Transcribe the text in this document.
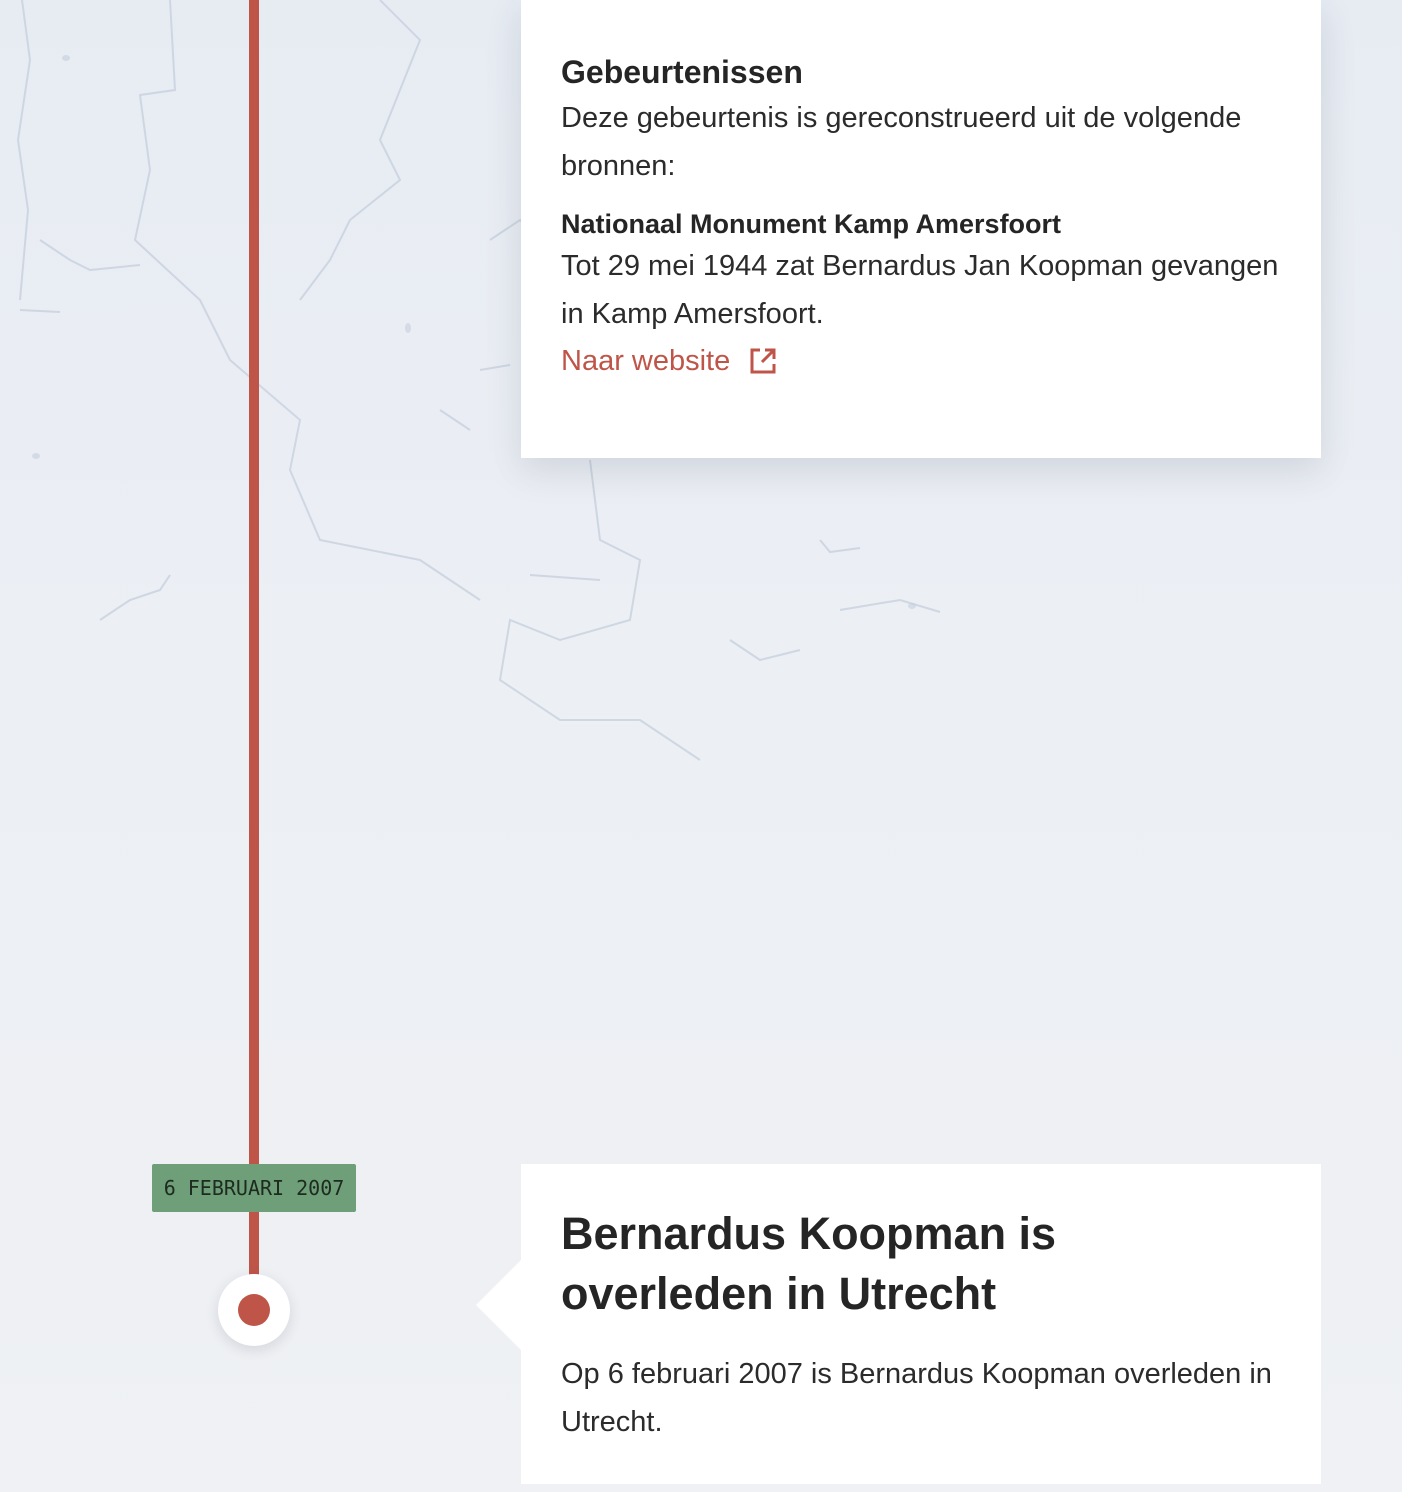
Gebeurtenissen

Deze gebeurtenis is gereconstrueerd uit de volgende bronnen:

Nationaal Monument Kamp Amersfoort

Tot 29 mei 1944 zat Bernardus Jan Koopman gevangen in Kamp Amersfoort.

Naar website
6 FEBRUARI 2007
Bernardus Koopman is overleden in Utrecht

Op 6 februari 2007 is Bernardus Koopman overleden in Utrecht.
